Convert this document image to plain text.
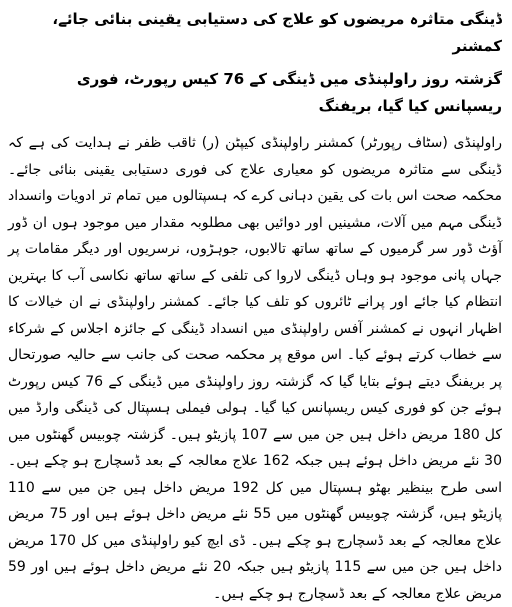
ڈینگی متاثرہ مریضوں کو علاج کی دستیابی یقینی بنائی جائے، کمشنر
گزشتہ روز راولپنڈی میں ڈینگی کے 76 کیس رپورٹ، فوری ریسپانس کیا گیا، بریفنگ

راولپنڈی (سٹاف رپورٹر) کمشنر راولپنڈی کیپٹن (ر) ثاقب ظفر نے ہدایت کی ہے کہ ڈینگی سے متاثرہ مریضوں کو معیاری علاج کی فوری دستیابی یقینی بنائی جائے۔ محکمہ صحت اس بات کی یقین دہانی کرے کہ ہسپتالوں میں تمام تر ادویات وانسداد ڈینگی مہم میں آلات، مشینیں اور دوائیں بھی مطلوبہ مقدار میں موجود ہوں ان ڈور آؤٹ ڈور سر گرمیوں کے ساتھ ساتھ تالابوں، جوہڑوں، نرسریوں اور دیگر مقامات پر جہاں پانی موجود ہو وہاں ڈینگی لاروا کی تلفی کے ساتھ ساتھ نکاسی آب کا بہترین انتظام کیا جائے اور پرانے ٹائروں کو تلف کیا جائے۔ کمشنر راولپنڈی نے ان خیالات کا اظہار انہوں نے کمشنر آفس راولپنڈی میں انسداد ڈینگی کے جائزہ اجلاس کے شرکاء سے خطاب کرتے ہوئے کیا۔ اس موقع پر محکمہ صحت کی جانب سے حالیہ صورتحال پر بریفنگ دیتے ہوئے بتایا گیا کہ گزشتہ روز راولپنڈی میں ڈینگی کے 76 کیس رپورٹ ہوئے جن کو فوری کیس ریسپانس کیا گیا۔ ہولی فیملی ہسپتال کی ڈینگی وارڈ میں کل 180 مریض داخل ہیں جن میں سے 107 پازیٹو ہیں۔ گزشتہ چوبیس گھنٹوں میں 30 نئے مریض داخل ہوئے ہیں جبکہ 162 علاج معالجہ کے بعد ڈسچارج ہو چکے ہیں۔ اسی طرح بینظیر بھٹو ہسپتال میں کل 192 مریض داخل ہیں جن میں سے 110 پازیٹو ہیں، گزشتہ چوبیس گھنٹوں میں 55 نئے مریض داخل ہوئے ہیں اور 75 مریض علاج معالجہ کے بعد ڈسچارج ہو چکے ہیں۔ ڈی ایچ کیو راولپنڈی میں کل 170 مریض داخل ہیں جن میں سے 115 پازیٹو ہیں جبکہ 20 نئے مریض داخل ہوئے ہیں اور 59 مریض علاج معالجہ کے بعد ڈسچارج ہو چکے ہیں۔
